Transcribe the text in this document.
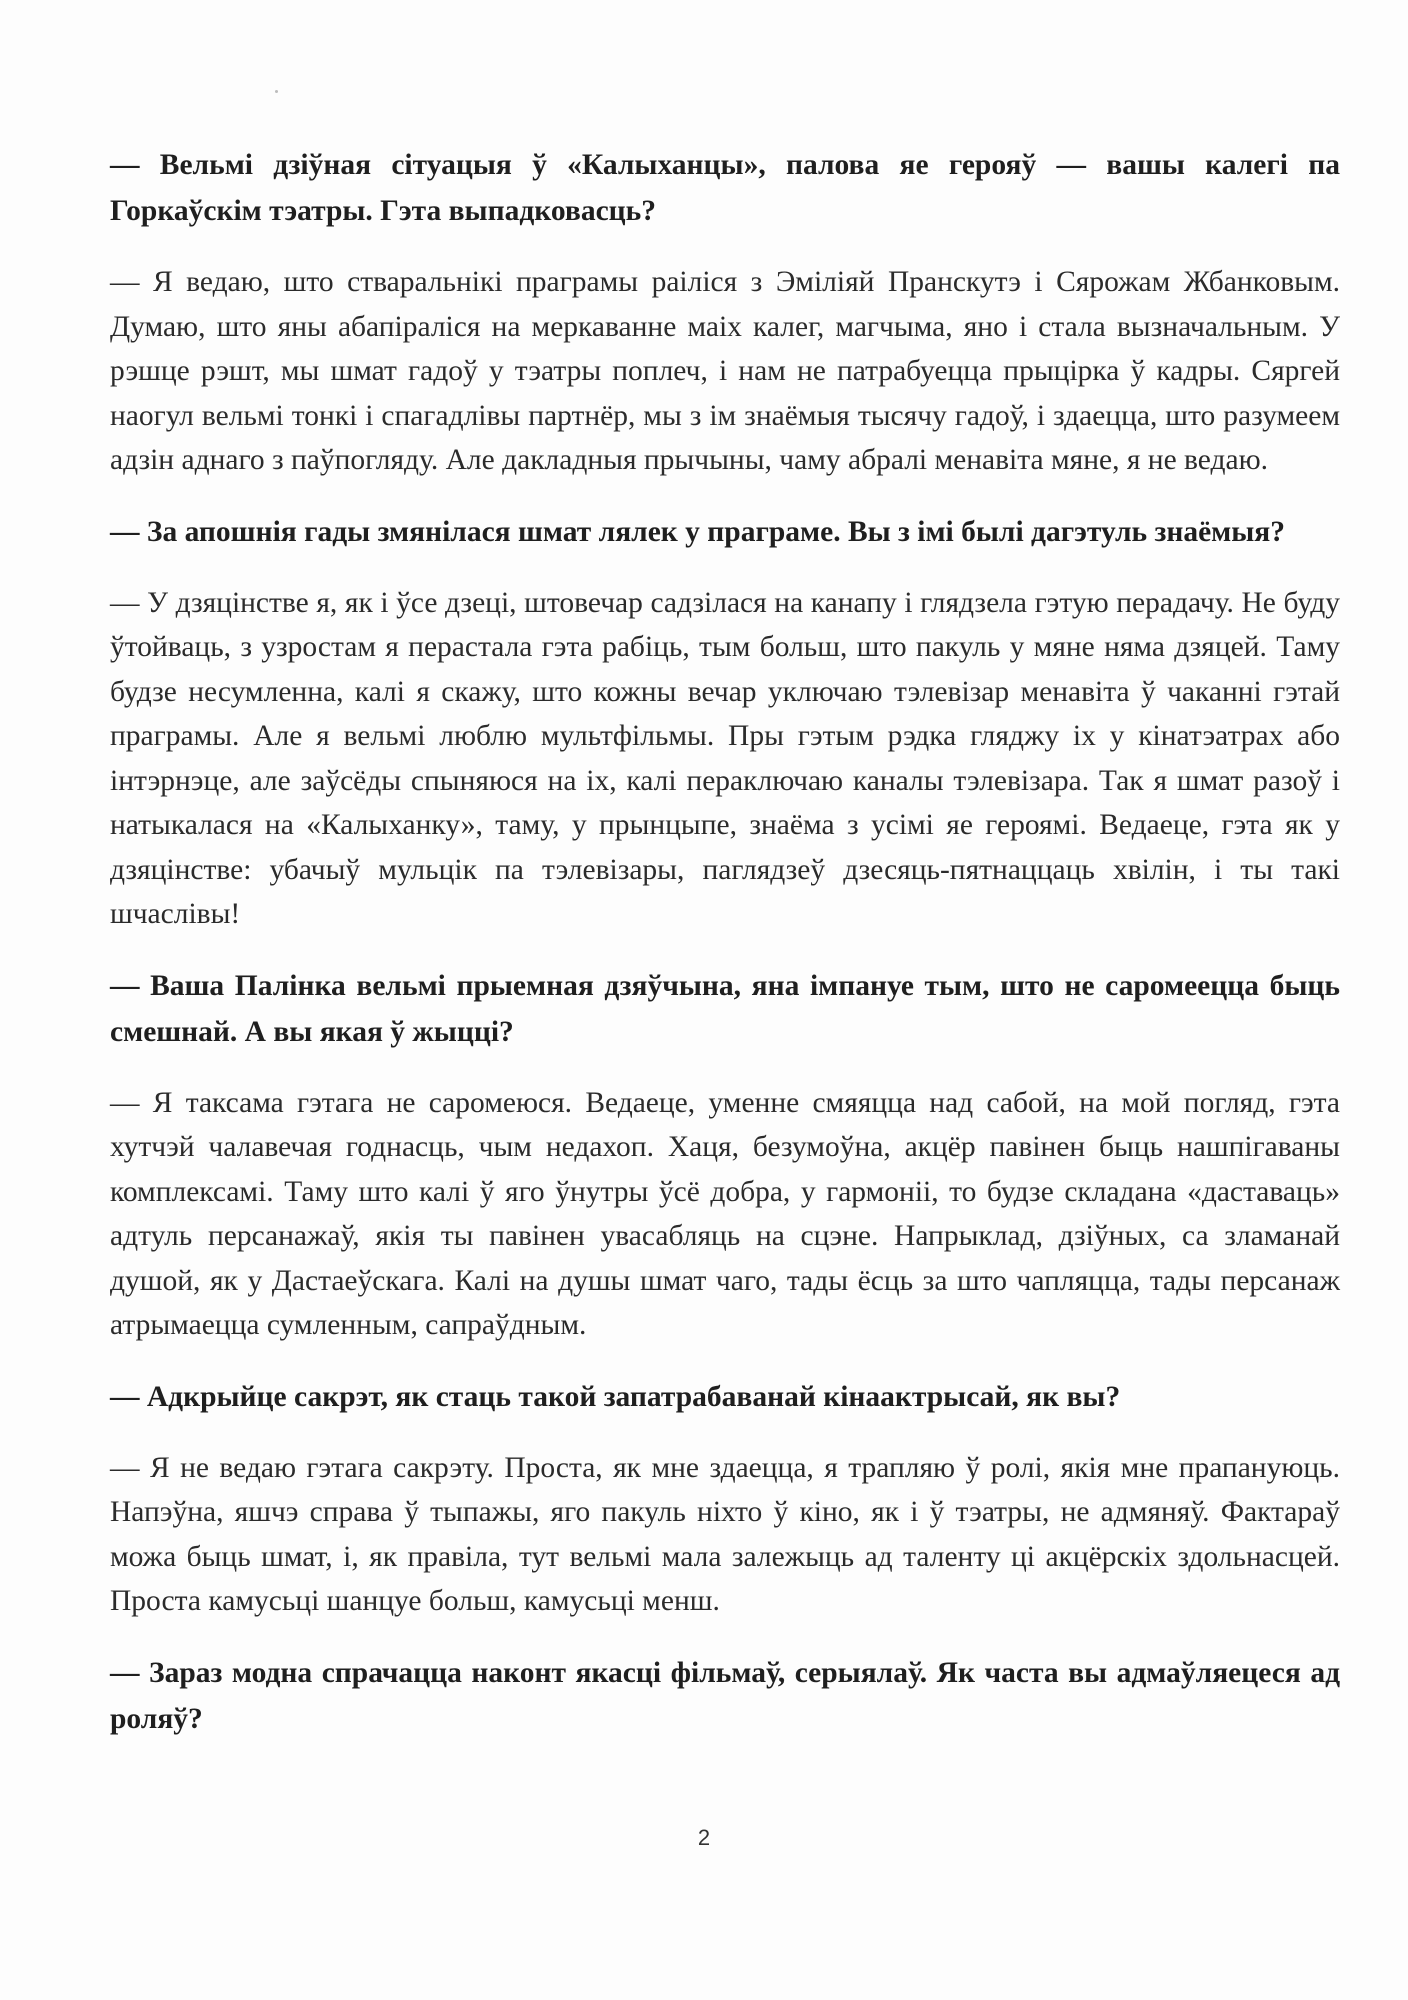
— Вельмі дзіўная сітуацыя ў «Калыханцы», палова яе герояў — вашы калегі па Горкаўскім тэатры. Гэта выпадковасць?

— Я ведаю, што стваральнікі праграмы раіліся з Эміліяй Пранскутэ і Сярожам Жбанковым. Думаю, што яны абапіраліся на меркаванне маіх калег, магчыма, яно і стала вызначальным. У рэшце рэшт, мы шмат гадоў у тэатры поплеч, і нам не патрабуецца прыцірка ў кадры. Сяргей наогул вельмі тонкі і спагадлівы партнёр, мы з ім знаёмыя тысячу гадоў, і здаецца, што разумеем адзін аднаго з паўпогляду. Але дакладныя прычыны, чаму абралі менавіта мяне, я не ведаю.

— За апошнія гады змянілася шмат лялек у праграме. Вы з імі былі дагэтуль знаёмыя?

— У дзяцінстве я, як і ўсе дзеці, штовечар садзілася на канапу і глядзела гэтую перадачу. Не буду ўтойваць, з узростам я перастала гэта рабіць, тым больш, што пакуль у мяне няма дзяцей. Таму будзе несумленна, калі я скажу, што кожны вечар уключаю тэлевізар менавіта ў чаканні гэтай праграмы. Але я вельмі люблю мультфільмы. Пры гэтым рэдка гляджу іх у кінатэатрах або інтэрнэце, але заўсёды спыняюся на іх, калі пераключаю каналы тэлевізара. Так я шмат разоў і натыкалася на «Калыханку», таму, у прынцыпе, знаёма з усімі яе героямі. Ведаеце, гэта як у дзяцінстве: убачыў мульцік па тэлевізары, паглядзеў дзесяць-пятнаццаць хвілін, і ты такі шчаслівы!

— Ваша Палінка вельмі прыемная дзяўчына, яна імпануе тым, што не саромеецца быць смешнай. А вы якая ў жыцці?

— Я таксама гэтага не саромеюся. Ведаеце, уменне смяяцца над сабой, на мой погляд, гэта хутчэй чалавечая годнасць, чым недахоп. Хаця, безумоўна, акцёр павінен быць нашпігаваны комплексамі. Таму што калі ў яго ўнутры ўсё добра, у гармоніі, то будзе складана «даставаць» адтуль персанажаў, якія ты павінен увасабляць на сцэне. Напрыклад, дзіўных, са зламанай душой, як у Дастаеўскага. Калі на душы шмат чаго, тады ёсць за што чапляцца, тады персанаж атрымаецца сумленным, сапраўдным.

— Адкрыйце сакрэт, як стаць такой запатрабаванай кінаактрысай, як вы?

— Я не ведаю гэтага сакрэту. Проста, як мне здаецца, я трапляю ў ролі, якія мне прапануюць. Напэўна, яшчэ справа ў тыпажы, яго пакуль ніхто ў кіно, як і ў тэатры, не адмяняў. Фактараў можа быць шмат, і, як правіла, тут вельмі мала залежыць ад таленту ці акцёрскіх здольнасцей. Проста камусьці шанцуе больш, камусьці менш.

— Зараз модна спрачацца наконт якасці фільмаў, серыялаў. Як часта вы адмаўляецеся ад роляў?

2
